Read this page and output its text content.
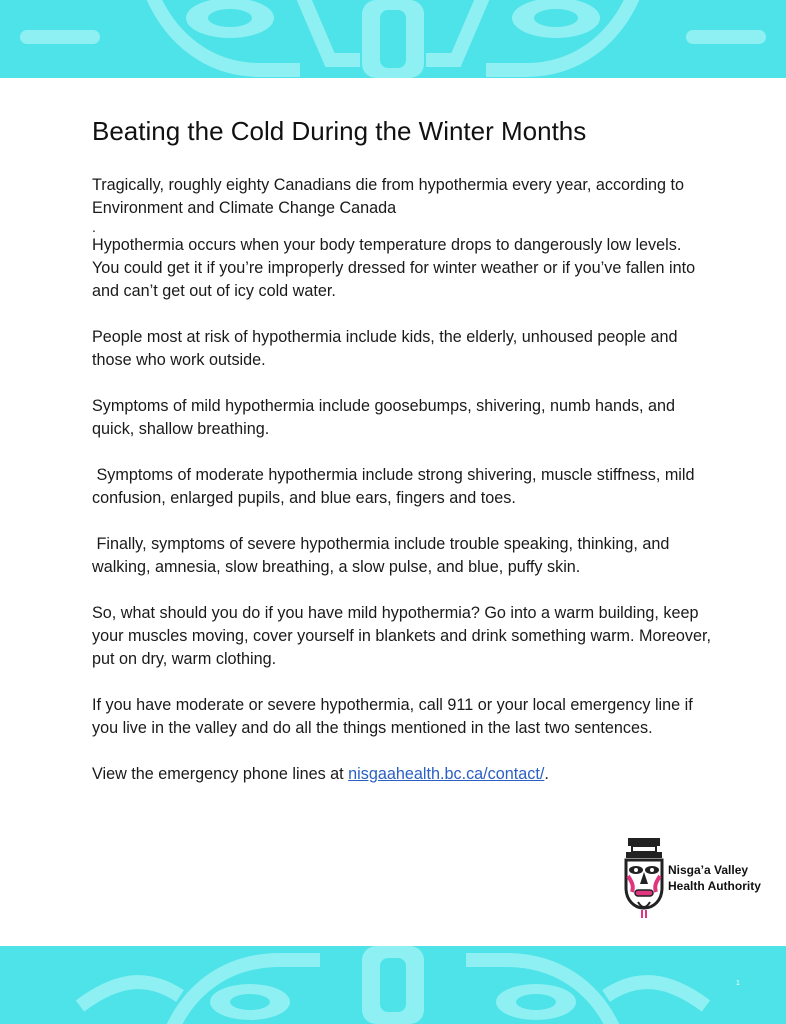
Beating the Cold During the Winter Months

Tragically, roughly eighty Canadians die from hypothermia every year, according to Environment and Climate Change Canada

.

Hypothermia occurs when your body temperature drops to dangerously low levels. You could get it if you’re improperly dressed for winter weather or if you’ve fallen into and can’t get out of icy cold water.

People most at risk of hypothermia include kids, the elderly, unhoused people and those who work outside.

Symptoms of mild hypothermia include goosebumps, shivering, numb hands, and quick, shallow breathing.

Symptoms of moderate hypothermia include strong shivering, muscle stiffness, mild confusion, enlarged pupils, and blue ears, fingers and toes.

Finally, symptoms of severe hypothermia include trouble speaking, thinking, and walking, amnesia, slow breathing, a slow pulse, and blue, puffy skin.

So, what should you do if you have mild hypothermia? Go into a warm building, keep your muscles moving, cover yourself in blankets and drink something warm. Moreover, put on dry, warm clothing.

If you have moderate or severe hypothermia, call 911 or your local emergency line if you live in the valley and do all the things mentioned in the last two sentences.

View the emergency phone lines at nisgaahealth.bc.ca/contact/.

Nisga’a Valley
Health Authority
1
